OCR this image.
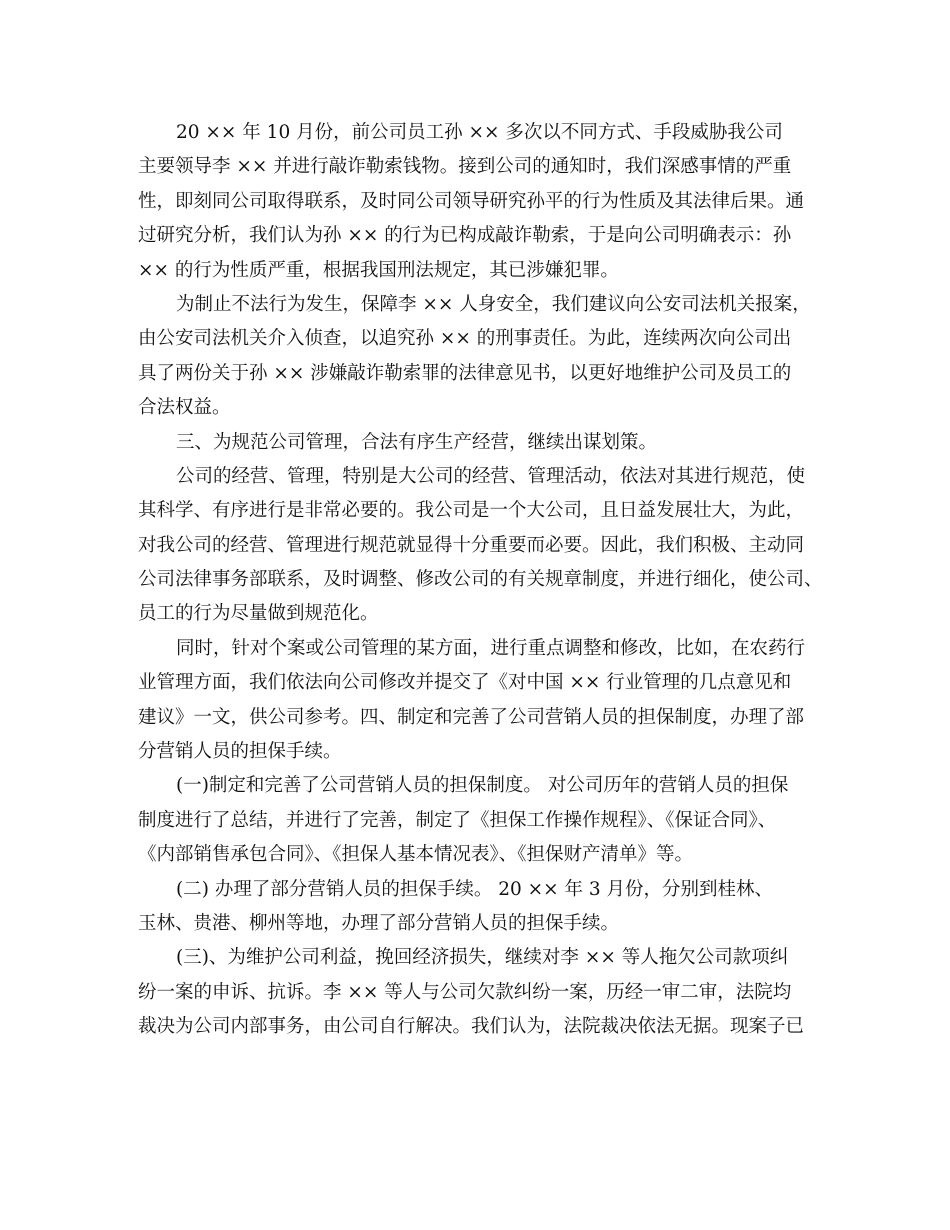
20 ×× 年 10 月份，前公司员工孙 ×× 多次以不同方式、手段威胁我公司
主要领导李 ×× 并进行敲诈勒索钱物。接到公司的通知时，我们深感事情的严重
性，即刻同公司取得联系，及时同公司领导研究孙平的行为性质及其法律后果。通
过研究分析，我们认为孙 ×× 的行为已构成敲诈勒索，于是向公司明确表示：孙
×× 的行为性质严重，根据我国刑法规定，其已涉嫌犯罪。
为制止不法行为发生，保障李 ×× 人身安全，我们建议向公安司法机关报案，
由公安司法机关介入侦查，以追究孙 ×× 的刑事责任。为此，连续两次向公司出
具了两份关于孙 ×× 涉嫌敲诈勒索罪的法律意见书，以更好地维护公司及员工的
合法权益。
三、为规范公司管理，合法有序生产经营，继续出谋划策。
公司的经营、管理，特别是大公司的经营、管理活动，依法对其进行规范，使
其科学、有序进行是非常必要的。我公司是一个大公司，且日益发展壮大，为此，
对我公司的经营、管理进行规范就显得十分重要而必要。因此，我们积极、主动同
公司法律事务部联系，及时调整、修改公司的有关规章制度，并进行细化，使公司、
员工的行为尽量做到规范化。
同时，针对个案或公司管理的某方面，进行重点调整和修改，比如，在农药行
业管理方面，我们依法向公司修改并提交了《对中国 ×× 行业管理的几点意见和
建议》一文，供公司参考。四、制定和完善了公司营销人员的担保制度，办理了部
分营销人员的担保手续。
(一)制定和完善了公司营销人员的担保制度。 对公司历年的营销人员的担保
制度进行了总结，并进行了完善，制定了《担保工作操作规程》、《保证合同》、
《内部销售承包合同》、《担保人基本情况表》、《担保财产清单》等。
(二) 办理了部分营销人员的担保手续。 20 ×× 年 3 月份，分别到桂林、
玉林、贵港、柳州等地，办理了部分营销人员的担保手续。
(三)、为维护公司利益，挽回经济损失，继续对李 ×× 等人拖欠公司款项纠
纷一案的申诉、抗诉。李 ×× 等人与公司欠款纠纷一案，历经一审二审，法院均
裁决为公司内部事务，由公司自行解决。我们认为，法院裁决依法无据。现案子已
